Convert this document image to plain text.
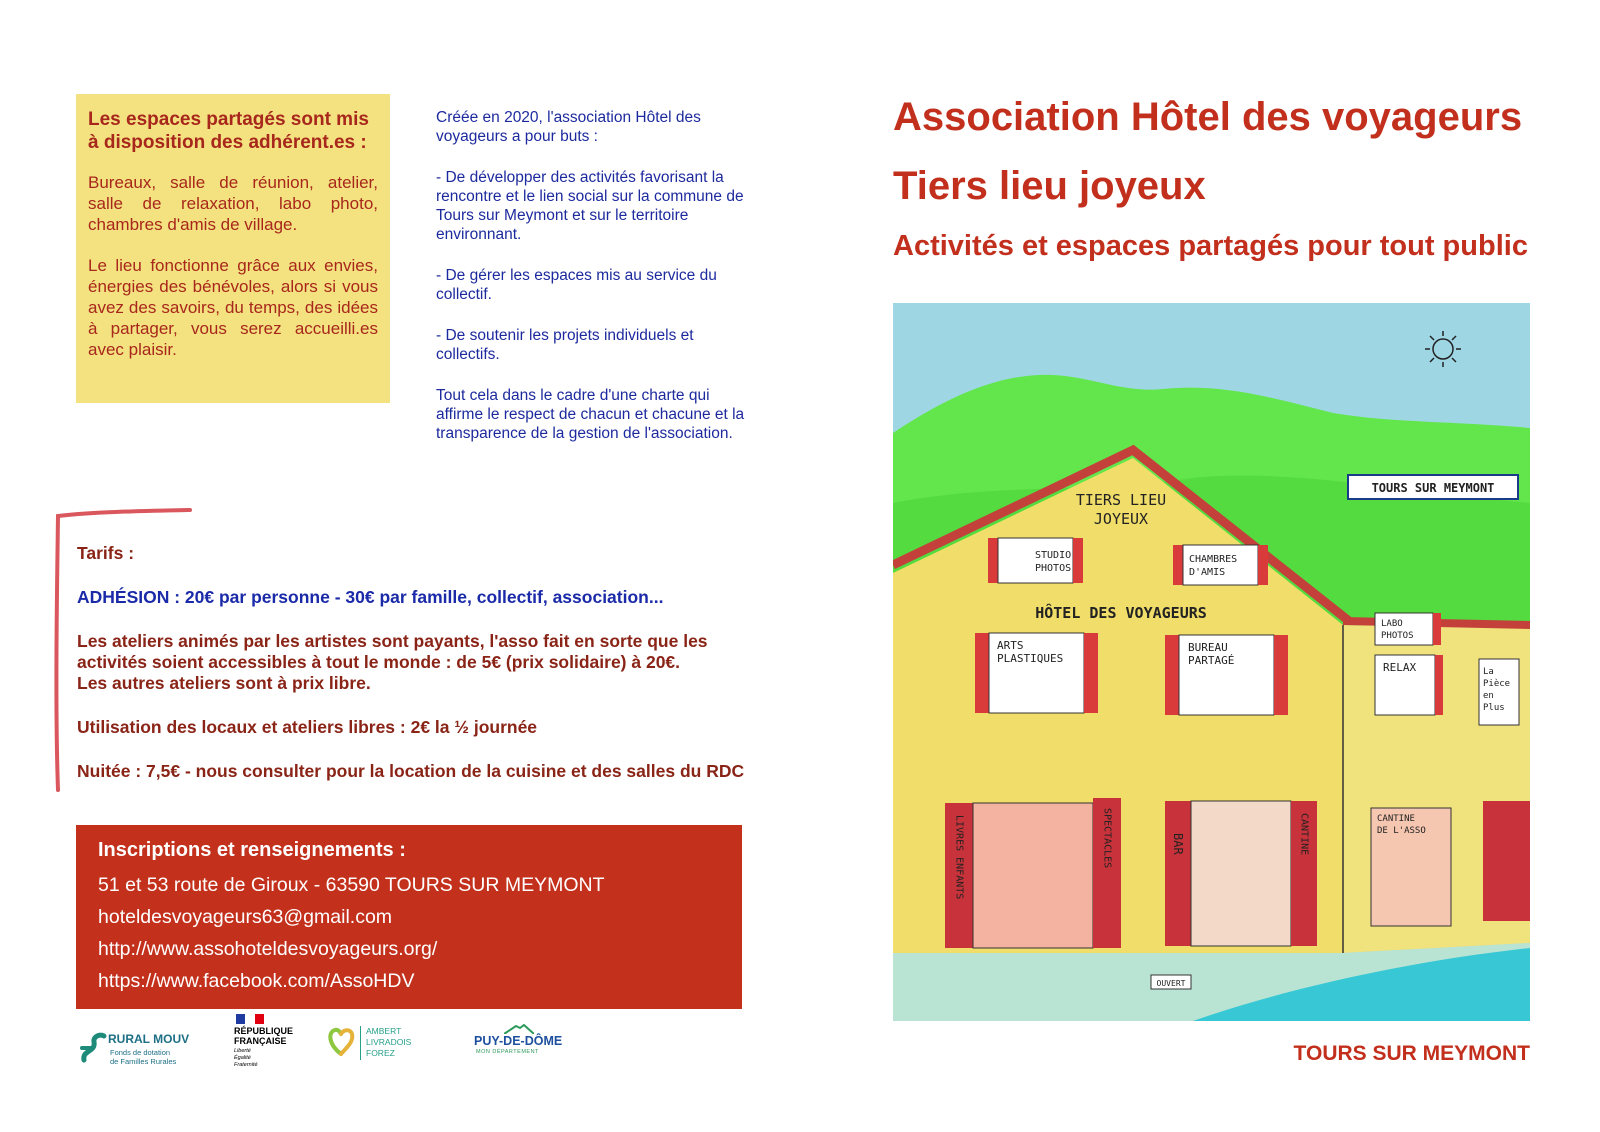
Les espaces partagés sont mis à disposition des adhérent.es :

Bureaux, salle de réunion, atelier, salle de relaxation, labo photo, chambres d'amis de village.

Le lieu fonctionne grâce aux envies, énergies des bénévoles, alors si vous avez des savoirs, du temps, des idées à partager, vous serez accueilli.es avec plaisir.

Créée en 2020, l'association Hôtel des voyageurs a pour buts :

- De développer des activités favorisant la rencontre et le lien social sur la commune de Tours sur Meymont et sur le territoire environnant.

- De gérer les espaces mis au service du collectif.

- De soutenir les projets individuels et collectifs.

Tout cela dans le cadre d'une charte qui affirme le respect de chacun et chacune et la transparence de la gestion de l'association.

Tarifs :

ADHÉSION : 20€ par personne - 30€ par famille, collectif, association...

Les ateliers animés par les artistes sont payants, l'asso fait en sorte que les activités soient accessibles à tout le monde : de 5€ (prix solidaire) à 20€.

Les autres ateliers sont à prix libre.

Utilisation des locaux et ateliers libres : 2€ la ½ journée

Nuitée : 7,5€ - nous consulter pour la location de la cuisine et des salles du RDC

Inscriptions et renseignements :
51 et 53 route de Giroux - 63590 TOURS SUR MEYMONT
hoteldesvoyageurs63@gmail.com
http://www.assohoteldesvoyageurs.org/
https://www.facebook.com/AssoHDV
RURAL MOUV
Fonds de dotation
de Familles Rurales
RÉPUBLIQUE
FRANÇAISE
Liberté
Égalité
Fraternité
AMBERT
LIVRADOIS
FOREZ
PUY-DE-DÔME
MON DÉPARTEMENT
Association Hôtel des voyageurs
Tiers lieu joyeux
Activités et espaces partagés pour tout public
TOURS SUR MEYMONT
TIERS LIEU
JOYEUX
STUDIO
PHOTOS
CHAMBRES
D'AMIS
HÔTEL DES VOYAGEURS
ARTS
PLASTIQUES
BUREAU
PARTAGÉ
LABO
PHOTOS
RELAX	La
Pièce
en
Plus
LIVRES ENFANTS	SPECTACLES	BAR	CANTINE	CANTINE
DE L'ASSO
OUVERT
TOURS SUR MEYMONT
